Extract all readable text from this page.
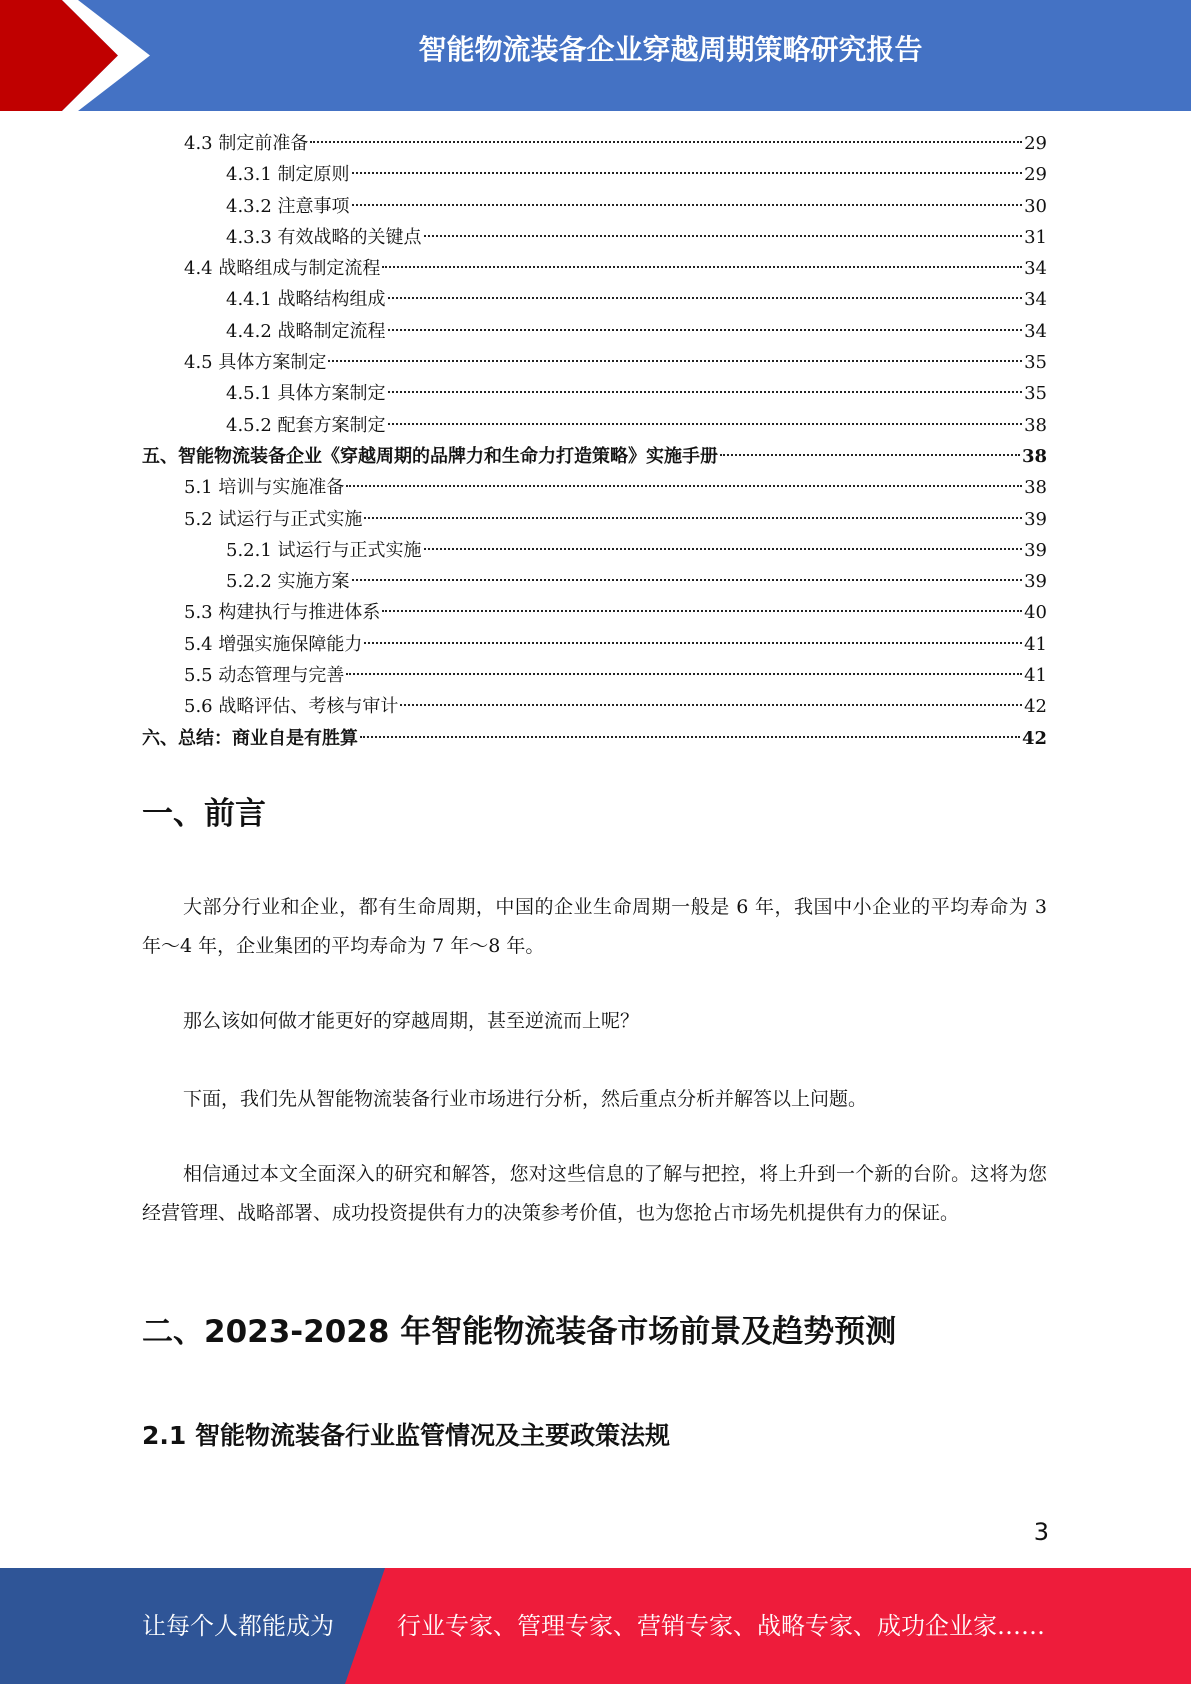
智能物流装备企业穿越周期策略研究报告
4.3 制定前准备	29
4.3.1 制定原则	29
4.3.2 注意事项	30
4.3.3 有效战略的关键点	31
4.4 战略组成与制定流程	34
4.4.1 战略结构组成	34
4.4.2 战略制定流程	34
4.5 具体方案制定	35
4.5.1 具体方案制定	35
4.5.2 配套方案制定	38
五、智能物流装备企业《穿越周期的品牌力和生命力打造策略》实施手册	38
5.1 培训与实施准备	38
5.2 试运行与正式实施	39
5.2.1 试运行与正式实施	39
5.2.2 实施方案	39
5.3 构建执行与推进体系	40
5.4 增强实施保障能力	41
5.5 动态管理与完善	41
5.6 战略评估、考核与审计	42
六、总结：商业自是有胜算	42
一、前言

大部分行业和企业，都有生命周期，中国的企业生命周期一般是 6 年，我国中小企业的平均寿命为 3 年～4 年，企业集团的平均寿命为 7 年～8 年。

那么该如何做才能更好的穿越周期，甚至逆流而上呢？

下面，我们先从智能物流装备行业市场进行分析，然后重点分析并解答以上问题。

相信通过本文全面深入的研究和解答，您对这些信息的了解与把控，将上升到一个新的台阶。这将为您经营管理、战略部署、成功投资提供有力的决策参考价值，也为您抢占市场先机提供有力的保证。

二、2023-2028 年智能物流装备市场前景及趋势预测
2.1 智能物流装备行业监管情况及主要政策法规
3
让每个人都能成为	行业专家、管理专家、营销专家、战略专家、成功企业家……
